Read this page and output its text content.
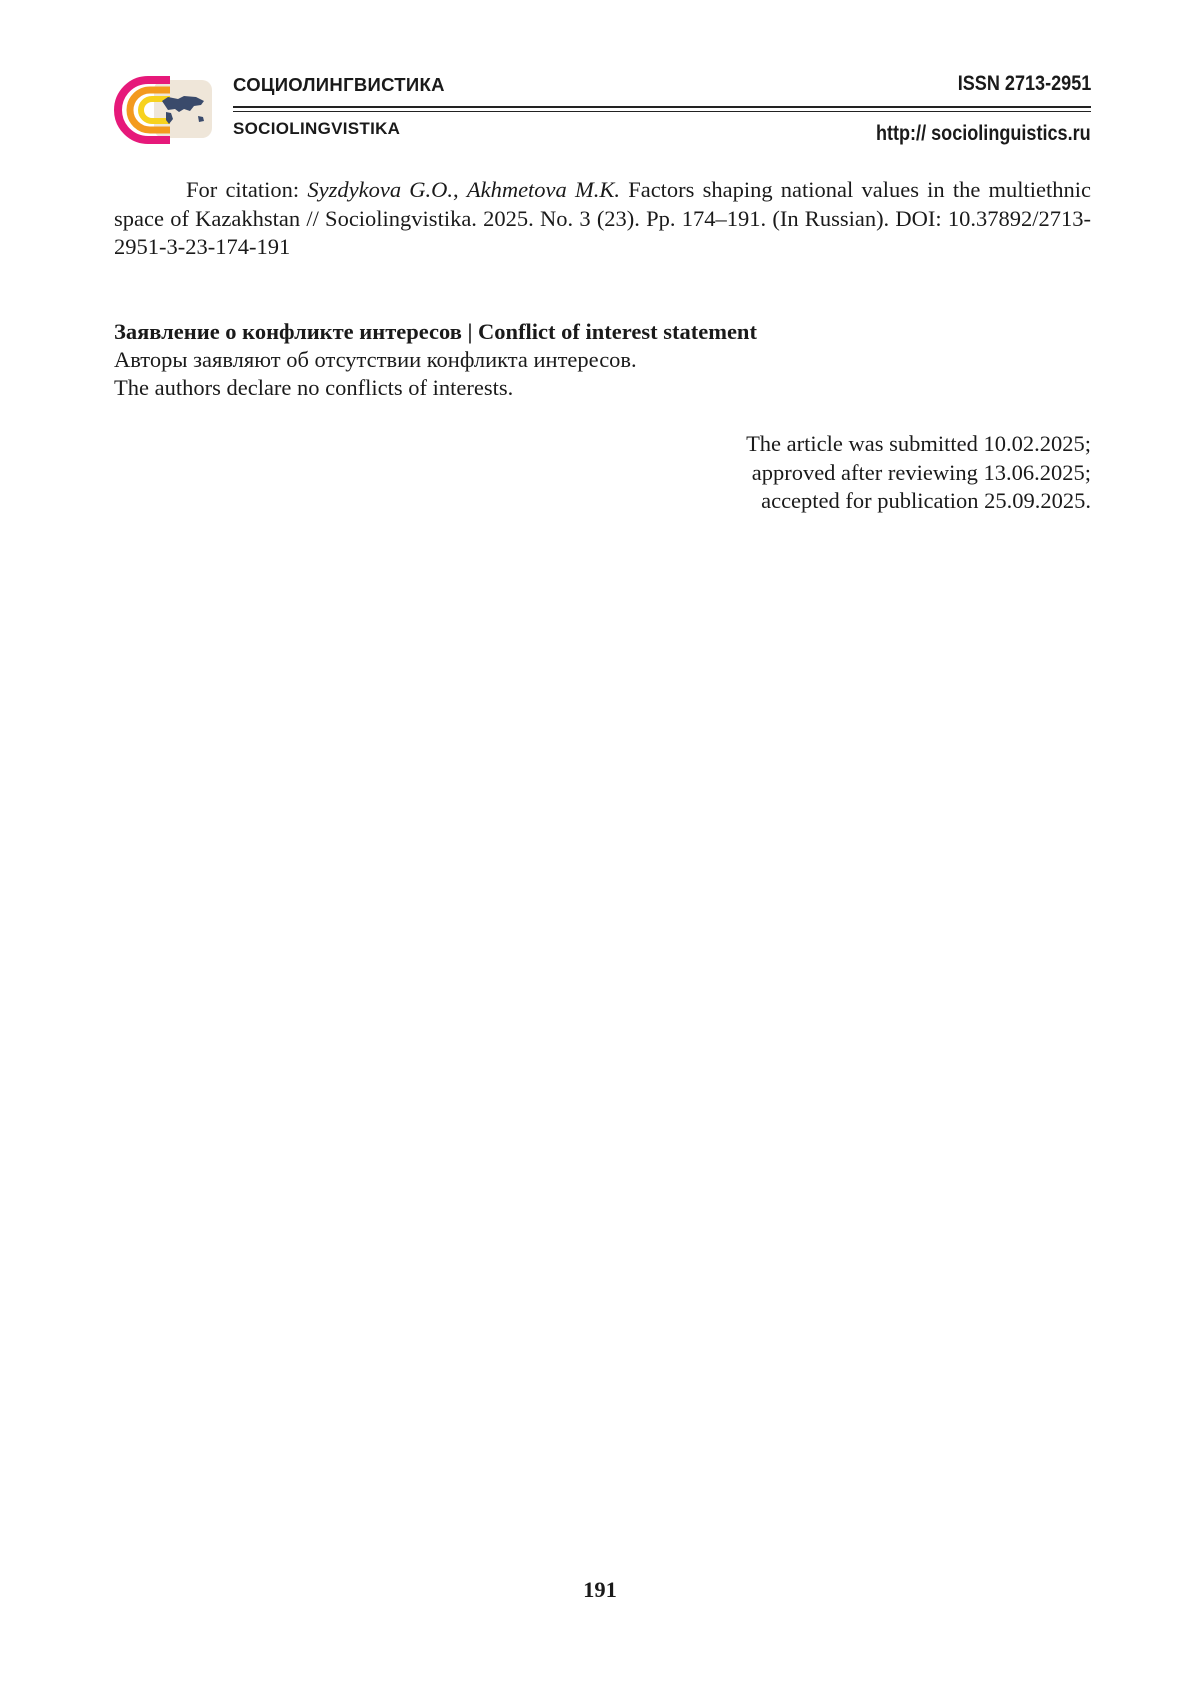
СОЦИОЛИНГВИСТИКА
SOCIOLINGVISTIKA
ISSN 2713-2951
http:// sociolinguistics.ru

For citation: Syzdykova G.O., Akhmetova M.K. Factors shaping national values in the multiethnic space of Kazakhstan // Sociolingvistika. 2025. No. 3 (23). Pp. 174–191. (In Russian). DOI: 10.37892/2713-2951-3-23-174-191

Заявление о конфликте интересов | Conflict of interest statement

Авторы заявляют об отсутствии конфликта интересов.

The authors declare no conflicts of interests.

The article was submitted 10.02.2025;

approved after reviewing 13.06.2025;

accepted for publication 25.09.2025.

191
